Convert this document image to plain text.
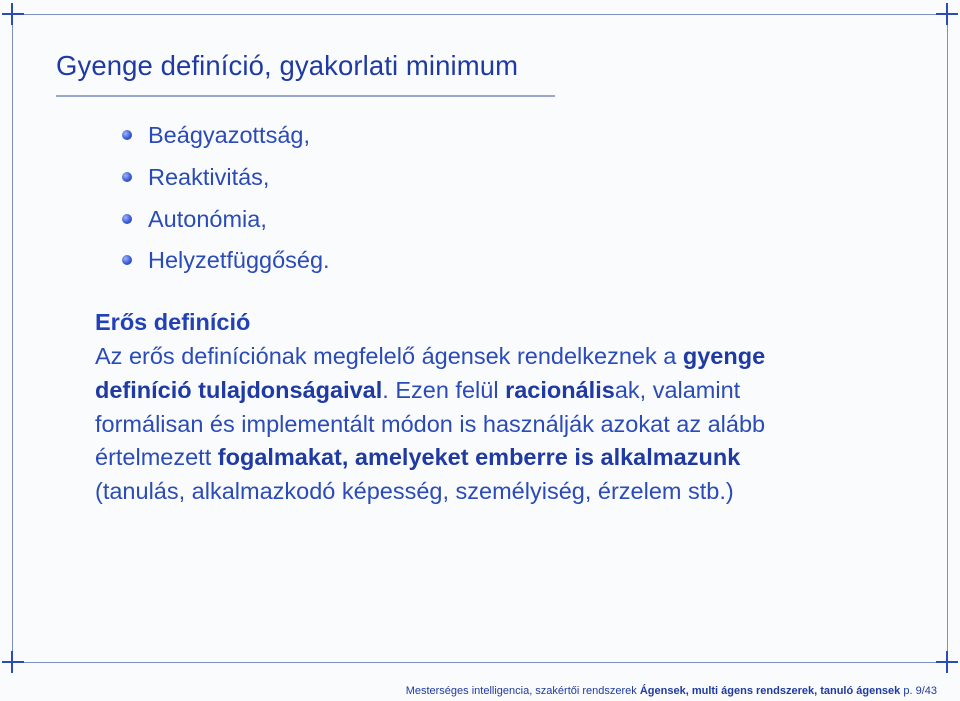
Gyenge definíció, gyakorlati minimum
Beágyazottság,
Reaktivitás,
Autonómia,
Helyzetfüggőség.
Erős definíció
Az erős definíciónak megfelelő ágensek rendelkeznek a gyenge
definíció tulajdonságaival. Ezen felül racionálisak, valamint
formálisan és implementált módon is használják azokat az alább
értelmezett fogalmakat, amelyeket emberre is alkalmazunk
(tanulás, alkalmazkodó képesség, személyiség, érzelem stb.)
Mesterséges intelligencia, szakértői rendszerek Ágensek, multi ágens rendszerek, tanuló ágensek p. 9/43
